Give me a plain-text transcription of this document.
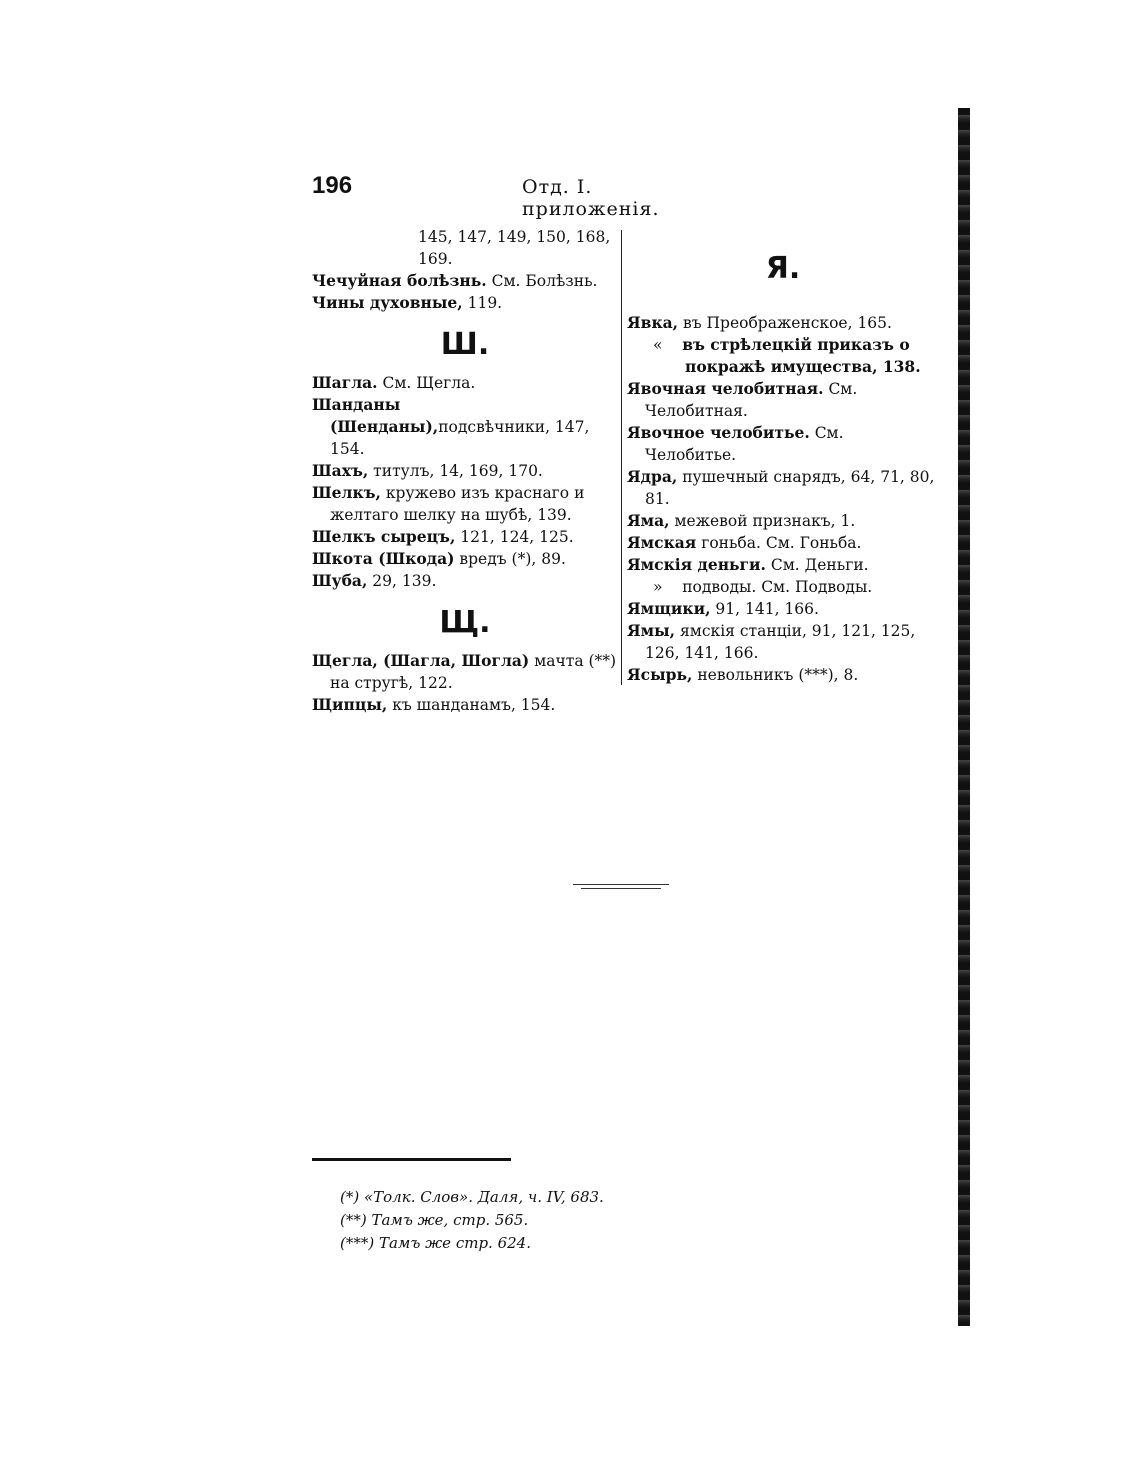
196	Отд. I. приложенія.
145, 147, 149, 150, 168,
169.
Чечуйная болѣзнь. См. Болѣзнь.
Чины духовные, 119.
Ш.
Шагла. См. Щегла.
Шанданы (Шенданы),подсвѣчники, 147, 154.
Шахъ, титулъ, 14, 169, 170.
Шелкъ, кружево изъ краснаго и желтаго шелку на шубѣ, 139.
Шелкъ сырецъ, 121, 124, 125.
Шкота (Шкода) вредъ (*), 89.
Шуба, 29, 139.
Щ.
Щегла, (Шагла, Шогла) мачта (**) на стругѣ, 122.
Щипцы, къ шанданамъ, 154.
Я.
Явка, въ Преображенское, 165.
« въ стрѣлецкій приказъ о покражѣ имущества, 138.
Явочная челобитная. См. Челобитная.
Явочное челобитье. См. Челобитье.
Ядра, пушечный снарядъ, 64, 71, 80, 81.
Яма, межевой признакъ, 1.
Ямская гоньба. См. Гоньба.
Ямскія деньги. См. Деньги.
» подводы. См. Подводы.
Ямщики, 91, 141, 166.
Ямы, ямскія станціи, 91, 121, 125, 126, 141, 166.
Ясырь, невольникъ (***), 8.
(*) «Толк. Слов». Даля, ч. IV, 683.
(**) Тамъ же, стр. 565.
(***) Тамъ же стр. 624.
